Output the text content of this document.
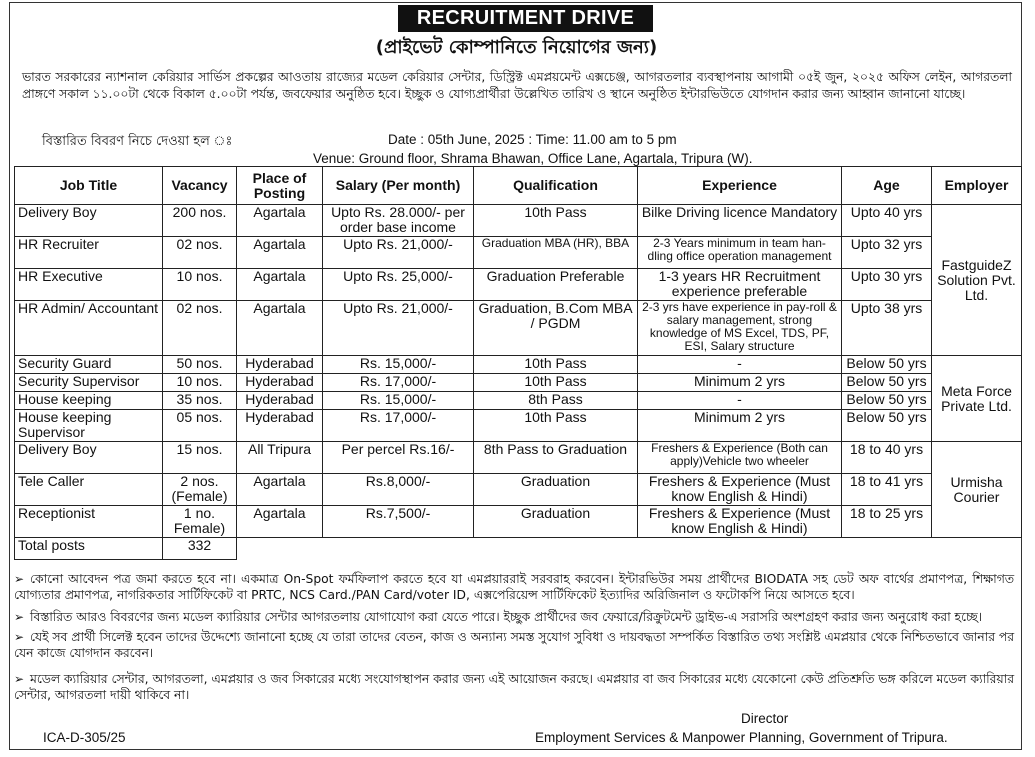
RECRUITMENT DRIVE
(প্রাইভেট কোম্পানিতে নিয়োগের জন্য)
ভারত সরকারের ন্যাশনাল কেরিয়ার সার্ভিস প্রকল্পের আওতায় রাজ্যের মডেল কেরিয়ার সেন্টার, ডিস্ট্রিক্ট এমপ্লয়মেন্ট এক্সচেঞ্জ, আগরতলার ব্যবস্থাপনায় আগামী ০৫ই জুন, ২০২৫ অফিস লেইন, আগরতলা প্রাঙ্গণে সকাল ১১.০০টা থেকে বিকাল ৫.০০টা পর্যন্ত, জবফেয়ার অনুষ্ঠিত হবে। ইচ্ছুক ও যোগ্যপ্রার্থীরা উল্লেখিত তারিখ ও স্থানে অনুষ্ঠিত ইন্টারভিউতে যোগদান করার জন্য আহ্বান জানানো যাচ্ছে।
বিস্তারিত বিবরণ নিচে দেওয়া হল ঃ	Date : 05th June, 2025 : Time: 11.00 am to 5 pm
Venue: Ground floor, Shrama Bhawan, Office Lane, Agartala, Tripura (W).
Job Title	Vacancy	Place of Posting	Salary (Per month)	Qualification	Experience	Age	Employer
Delivery Boy	200 nos.	Agartala	Upto Rs. 28.000/- per order base income	10th Pass	Bilke Driving licence Mandatory	Upto 40 yrs	FastguideZ Solution Pvt. Ltd.
HR Recruiter	02 nos.	Agartala	Upto Rs. 21,000/-	Graduation MBA (HR), BBA	2-3 Years minimum in team han-dling office operation management	Upto 32 yrs	
HR Executive	10 nos.	Agartala	Upto Rs. 25,000/-	Graduation Preferable	1-3 years HR Recruitment experience preferable	Upto 30 yrs	
HR Admin/ Accountant	02 nos.	Agartala	Upto Rs. 21,000/-	Graduation, B.Com MBA / PGDM	2-3 yrs have experience in pay-roll & salary management, strong knowledge of MS Excel, TDS, PF, ESI, Salary structure	Upto 38 yrs	
Security Guard	50 nos.	Hyderabad	Rs. 15,000/-	10th Pass	-	Below 50 yrs	Meta Force Private Ltd.
Security Supervisor	10 nos.	Hyderabad	Rs. 17,000/-	10th Pass	Minimum 2 yrs	Below 50 yrs	
House keeping	35 nos.	Hyderabad	Rs. 15,000/-	8th Pass	-	Below 50 yrs	
House keeping Supervisor	05 nos.	Hyderabad	Rs. 17,000/-	10th Pass	Minimum 2 yrs	Below 50 yrs	
Delivery Boy	15 nos.	All Tripura	Per percel Rs.16/-	8th Pass to Graduation	Freshers & Experience (Both can apply)Vehicle two wheeler	18 to 40 yrs	Urmisha Courier
Tele Caller	2 nos. (Female)	Agartala	Rs.8,000/-	Graduation	Freshers & Experience (Must know English & Hindi)	18 to 41 yrs	
Receptionist	1 no. Female)	Agartala	Rs.7,500/-	Graduation	Freshers & Experience (Must know English & Hindi)	18 to 25 yrs	
Total posts	332						
➢ কোনো আবেদন পত্র জমা করতে হবে না। একমাত্র On-Spot ফর্মফিলাপ করতে হবে যা এমপ্লয়াররাই সরবরাহ করবেন। ইন্টারভিউর সময় প্রার্থীদের BIODATA সহ ডেট অফ বার্থের প্রমাণপত্র, শিক্ষাগত যোগ্যতার প্রমাণপত্র, নাগরিকতার সার্টিফিকেট বা PRTC, NCS Card./PAN Card/voter ID, এক্সপেরিয়েন্স সার্টিফিকেট ইত্যাদির অরিজিনাল ও ফটোকপি নিয়ে আসতে হবে।
➢ বিস্তারিত আরও বিবরণের জন্য মডেল ক্যারিয়ার সেন্টার আগরতলায় যোগাযোগ করা যেতে পারে। ইচ্ছুক প্রার্থীদের জব ফেয়ারে/রিক্রুটমেন্ট ড্রাইভ-এ সরাসরি অংশগ্রহণ করার জন্য অনুরোধ করা হচ্ছে।
➢ যেই সব প্রার্থী সিলেক্ট হবেন তাদের উদ্দেশ্যে জানানো হচ্ছে যে তারা তাদের বেতন, কাজ ও অন্যান্য সমস্ত সুযোগ সুবিধা ও দায়বদ্ধতা সম্পর্কিত বিস্তারিত তথ্য সংশ্লিষ্ট এমপ্লয়ার থেকে নিশ্চিতভাবে জানার পর যেন কাজে যোগদান করবেন।
➢ মডেল ক্যারিয়ার সেন্টার, আগরতলা, এমপ্লয়ার ও জব সিকারের মধ্যে সংযোগস্থাপন করার জন্য এই আয়োজন করছে। এমপ্লয়ার বা জব সিকারের মধ্যে যেকোনো কেউ প্রতিশ্রুতি ভঙ্গ করিলে মডেল ক্যারিয়ার সেন্টার, আগরতলা দায়ী থাকিবে না।
Director
ICA-D-305/25	Employment Services & Manpower Planning, Government of Tripura.
